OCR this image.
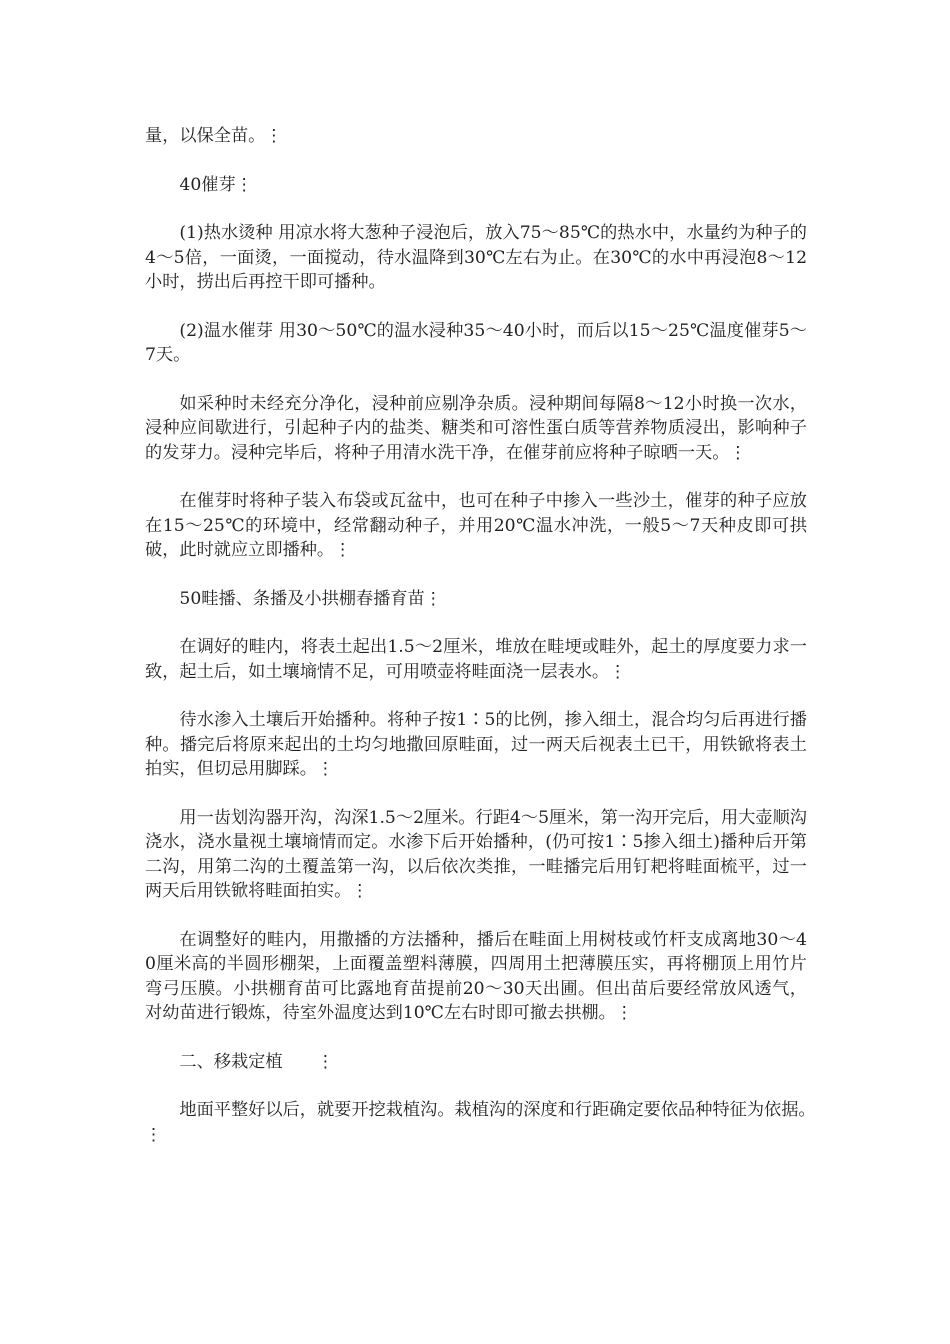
量，以保全苗。⋮

40催芽⋮

(1)热水烫种 用凉水将大葱种子浸泡后，放入75～85℃的热水中，水量约为种子的4～5倍，一面烫，一面搅动，待水温降到30℃左右为止。在30℃的水中再浸泡8～12小时，捞出后再控干即可播种。

(2)温水催芽 用30～50℃的温水浸种35～40小时，而后以15～25℃温度催芽5～7天。

如采种时未经充分净化，浸种前应剔净杂质。浸种期间每隔8～12小时换一次水，浸种应间歇进行，引起种子内的盐类、糖类和可溶性蛋白质等营养物质浸出，影响种子的发芽力。浸种完毕后，将种子用清水洗干净，在催芽前应将种子晾晒一天。⋮

在催芽时将种子装入布袋或瓦盆中，也可在种子中掺入一些沙土，催芽的种子应放在15～25℃的环境中，经常翻动种子，并用20℃温水冲洗，一般5～7天种皮即可拱破，此时就应立即播种。⋮

50畦播、条播及小拱棚春播育苗⋮

在调好的畦内，将表土起出1.5～2厘米，堆放在畦埂或畦外，起土的厚度要力求一致，起土后，如土壤墒情不足，可用喷壶将畦面浇一层表水。⋮

待水渗入土壤后开始播种。将种子按1∶5的比例，掺入细土，混合均匀后再进行播种。播完后将原来起出的土均匀地撒回原畦面，过一两天后视表土已干，用铁锨将表土拍实，但切忌用脚踩。⋮

用一齿划沟器开沟，沟深1.5～2厘米。行距4～5厘米，第一沟开完后，用大壶顺沟浇水，浇水量视土壤墒情而定。水渗下后开始播种，(仍可按1∶5掺入细土)播种后开第二沟，用第二沟的土覆盖第一沟，以后依次类推，一畦播完后用钉耙将畦面梳平，过一两天后用铁锨将畦面拍实。⋮

在调整好的畦内，用撒播的方法播种，播后在畦面上用树枝或竹杆支成离地30～40厘米高的半圆形棚架，上面覆盖塑料薄膜，四周用土把薄膜压实，再将棚顶上用竹片弯弓压膜。小拱棚育苗可比露地育苗提前20～30天出圃。但出苗后要经常放风透气，对幼苗进行锻炼，待室外温度达到10℃左右时即可撤去拱棚。⋮

二、移栽定植　　⋮

地面平整好以后，就要开挖栽植沟。栽植沟的深度和行距确定要依品种特征为依据。　⋮
